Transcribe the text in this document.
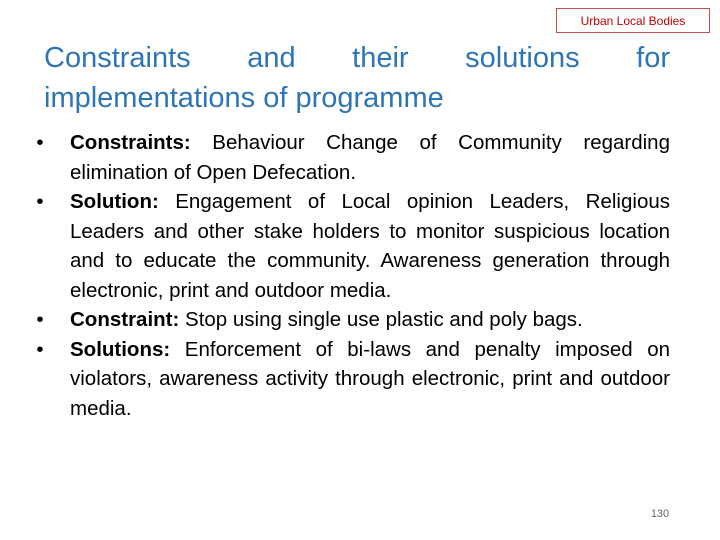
Urban Local Bodies
Constraints and their solutions for
implementations of programme
•	Constraints: Behaviour Change of Community regarding elimination of Open Defecation.
•	Solution: Engagement of Local opinion Leaders, Religious Leaders and other stake holders to monitor suspicious location and to educate the community. Awareness generation through electronic, print and outdoor media.
•	Constraint: Stop using single use plastic and poly bags.
•	Solutions: Enforcement of bi-laws and penalty imposed on violators, awareness activity through electronic, print and outdoor media.
130
